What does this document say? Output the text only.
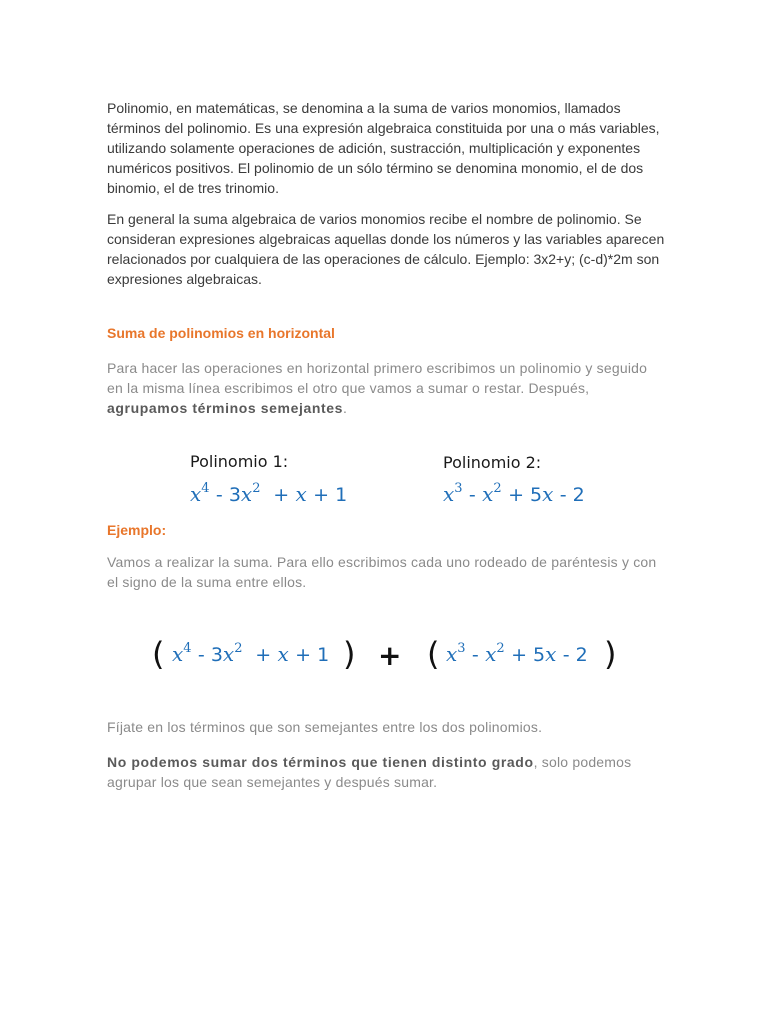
Polinomio, en matemáticas, se denomina a la suma de varios monomios, llamados términos del polinomio. Es una expresión algebraica constituida por una o más variables, utilizando solamente operaciones de adición, sustracción, multiplicación y exponentes numéricos positivos. El polinomio de un sólo término se denomina monomio, el de dos binomio, el de tres trinomio.

En general la suma algebraica de varios monomios recibe el nombre de polinomio. Se consideran expresiones algebraicas aquellas donde los números y las variables aparecen relacionados por cualquiera de las operaciones de cálculo. Ejemplo: 3x2+y; (c-d)*2m son expresiones algebraicas.

Suma de polinomios en horizontal

Para hacer las operaciones en horizontal primero escribimos un polinomio y seguido en la misma línea escribimos el otro que vamos a sumar o restar. Después, agrupamos términos semejantes.

Polinomio 1:
$x^4 - 3x^2 + x + 1$
Polinomio 2:
$x^3 - x^2 + 5x - 2$
Ejemplo:

Vamos a realizar la suma. Para ello escribimos cada uno rodeado de paréntesis y con el signo de la suma entre ellos.

( $x^4 - 3x^2 + x + 1$ ) + ( $x^3 - x^2 + 5x - 2$ )

Fíjate en los términos que son semejantes entre los dos polinomios.

No podemos sumar dos términos que tienen distinto grado, solo podemos agrupar los que sean semejantes y después sumar.
